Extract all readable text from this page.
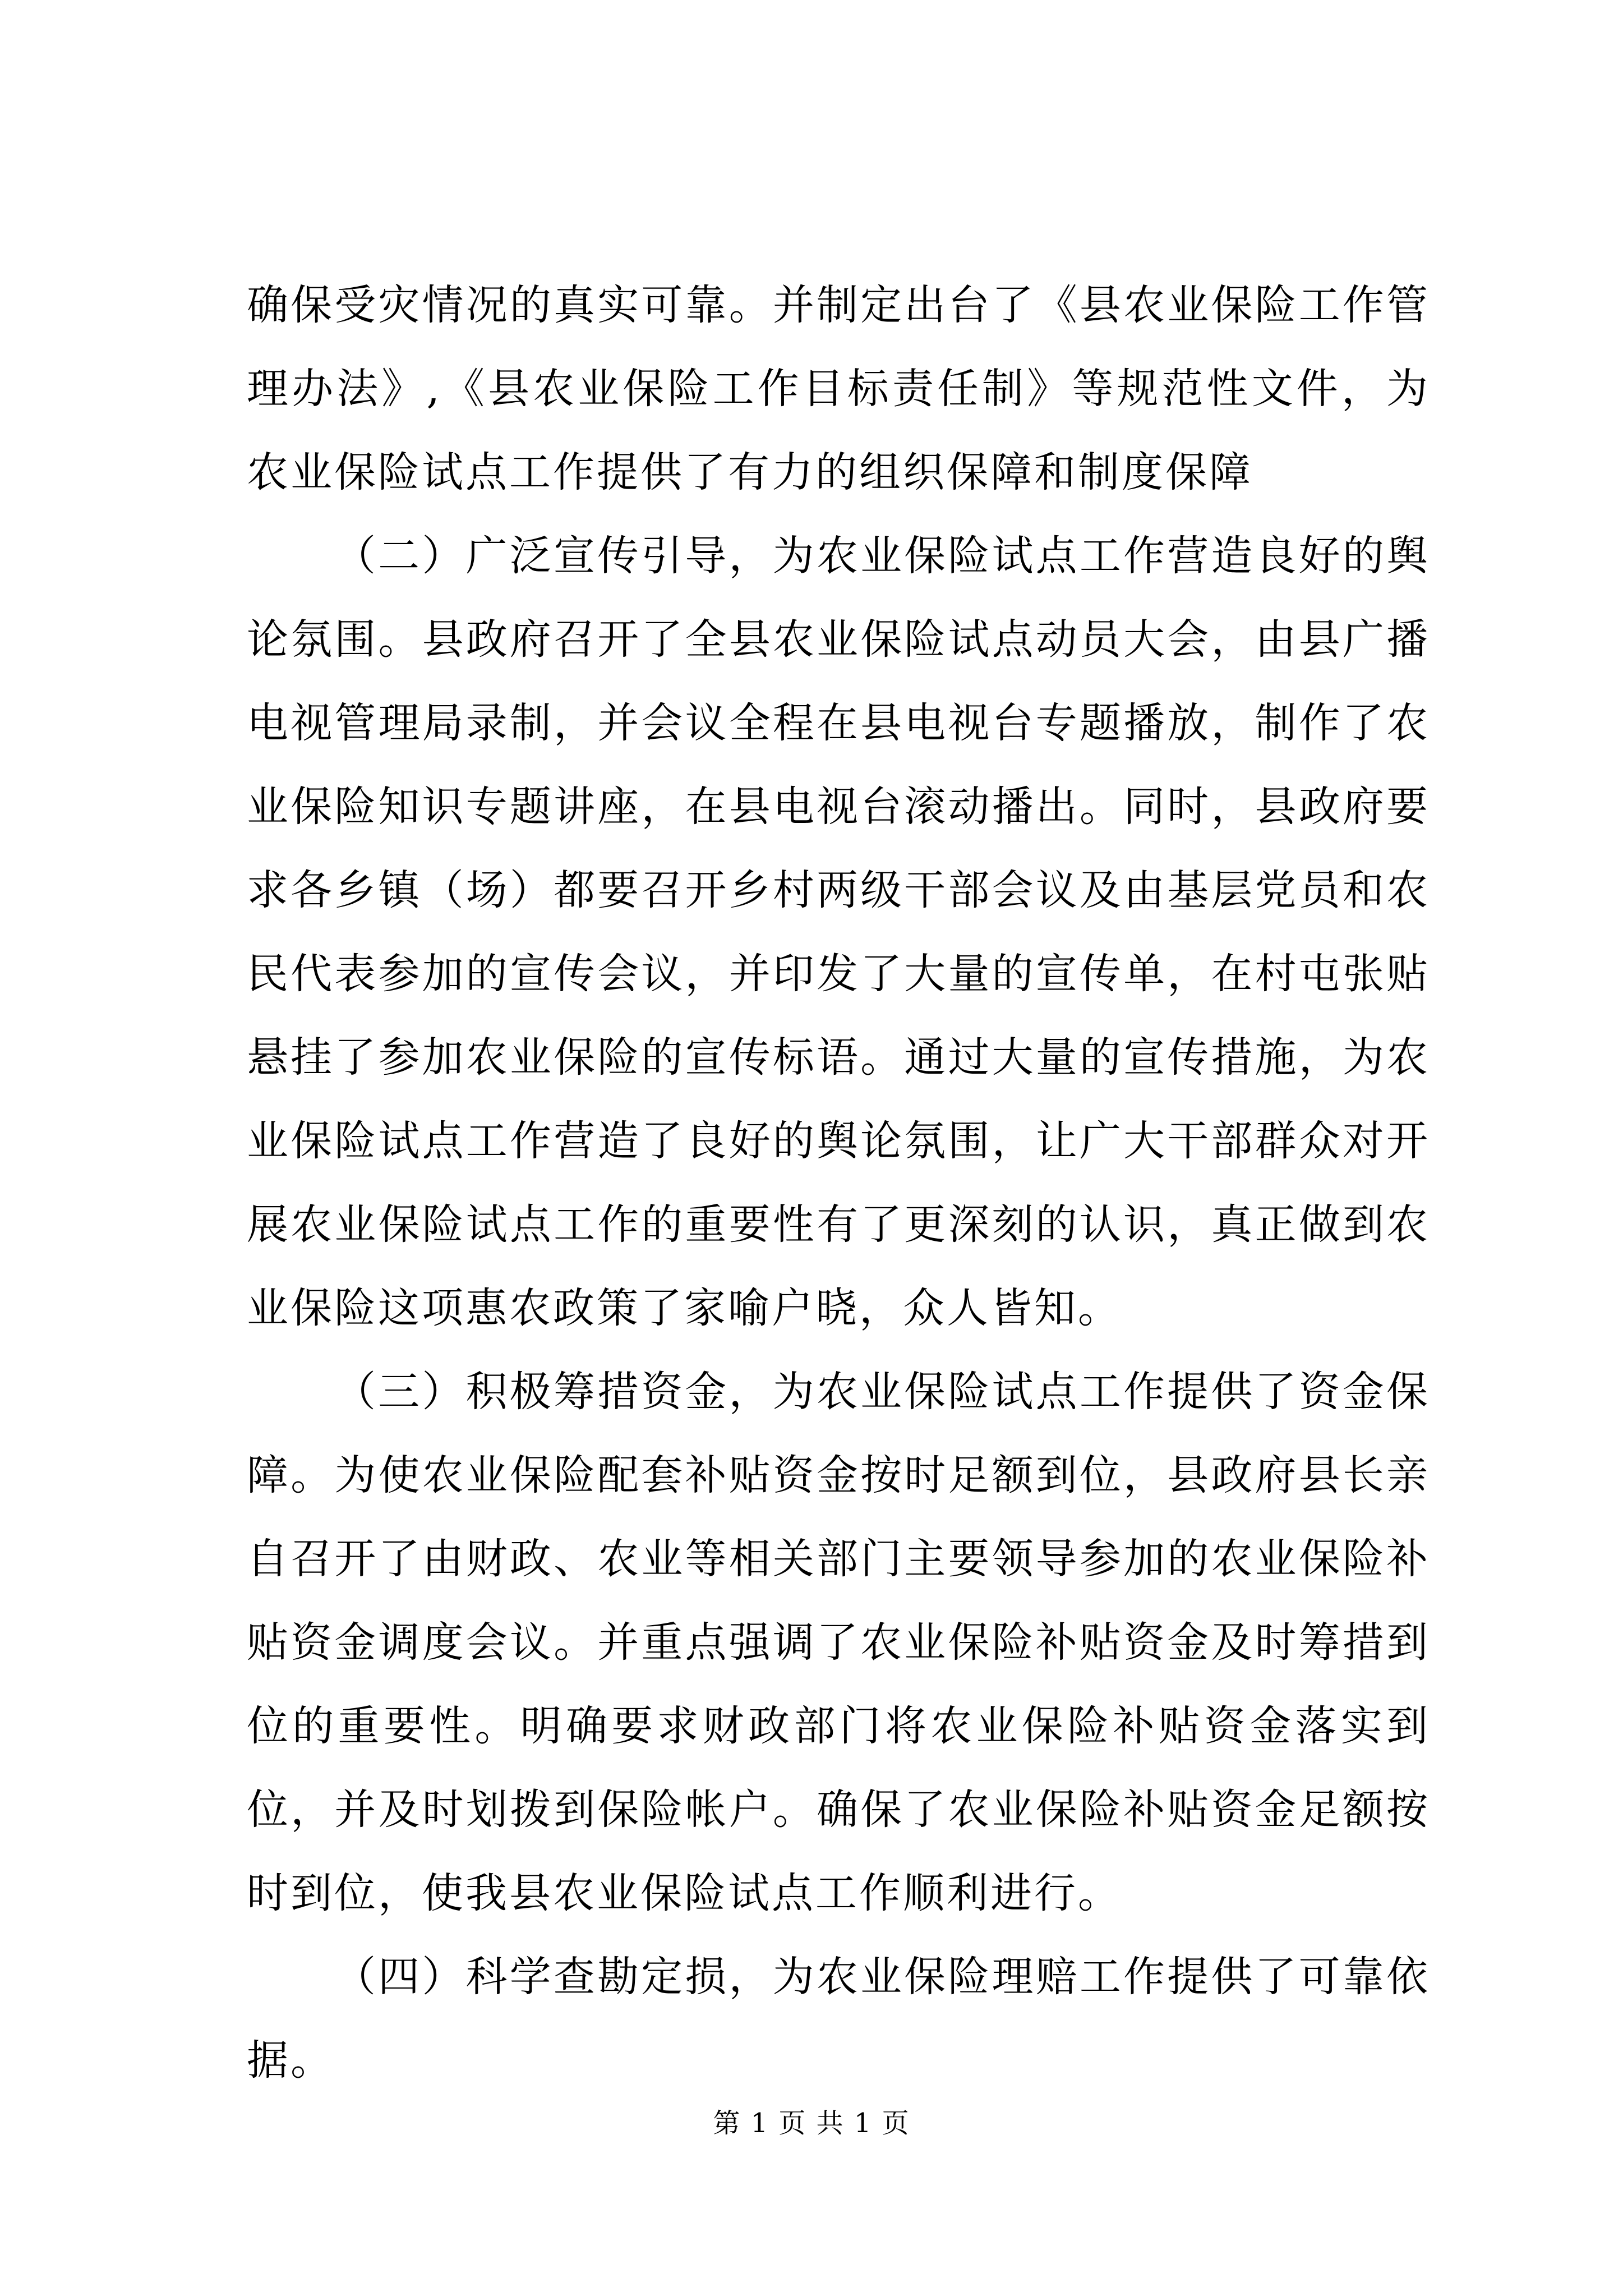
确保受灾情况的真实可靠。并制定出台了《县农业保险工作管理办法》,《县农业保险工作目标责任制》等规范性文件，为农业保险试点工作提供了有力的组织保障和制度保障

（二）广泛宣传引导，为农业保险试点工作营造良好的舆论氛围。县政府召开了全县农业保险试点动员大会，由县广播电视管理局录制，并会议全程在县电视台专题播放，制作了农业保险知识专题讲座，在县电视台滚动播出。同时，县政府要求各乡镇（场）都要召开乡村两级干部会议及由基层党员和农民代表参加的宣传会议，并印发了大量的宣传单，在村屯张贴悬挂了参加农业保险的宣传标语。通过大量的宣传措施，为农业保险试点工作营造了良好的舆论氛围，让广大干部群众对开展农业保险试点工作的重要性有了更深刻的认识，真正做到农业保险这项惠农政策了家喻户晓，众人皆知。

（三）积极筹措资金，为农业保险试点工作提供了资金保障。为使农业保险配套补贴资金按时足额到位，县政府县长亲自召开了由财政、农业等相关部门主要领导参加的农业保险补贴资金调度会议。并重点强调了农业保险补贴资金及时筹措到位的重要性。明确要求财政部门将农业保险补贴资金落实到位，并及时划拨到保险帐户。确保了农业保险补贴资金足额按时到位，使我县农业保险试点工作顺利进行。

（四）科学查勘定损，为农业保险理赔工作提供了可靠依据。

第 1 页 共 1 页
